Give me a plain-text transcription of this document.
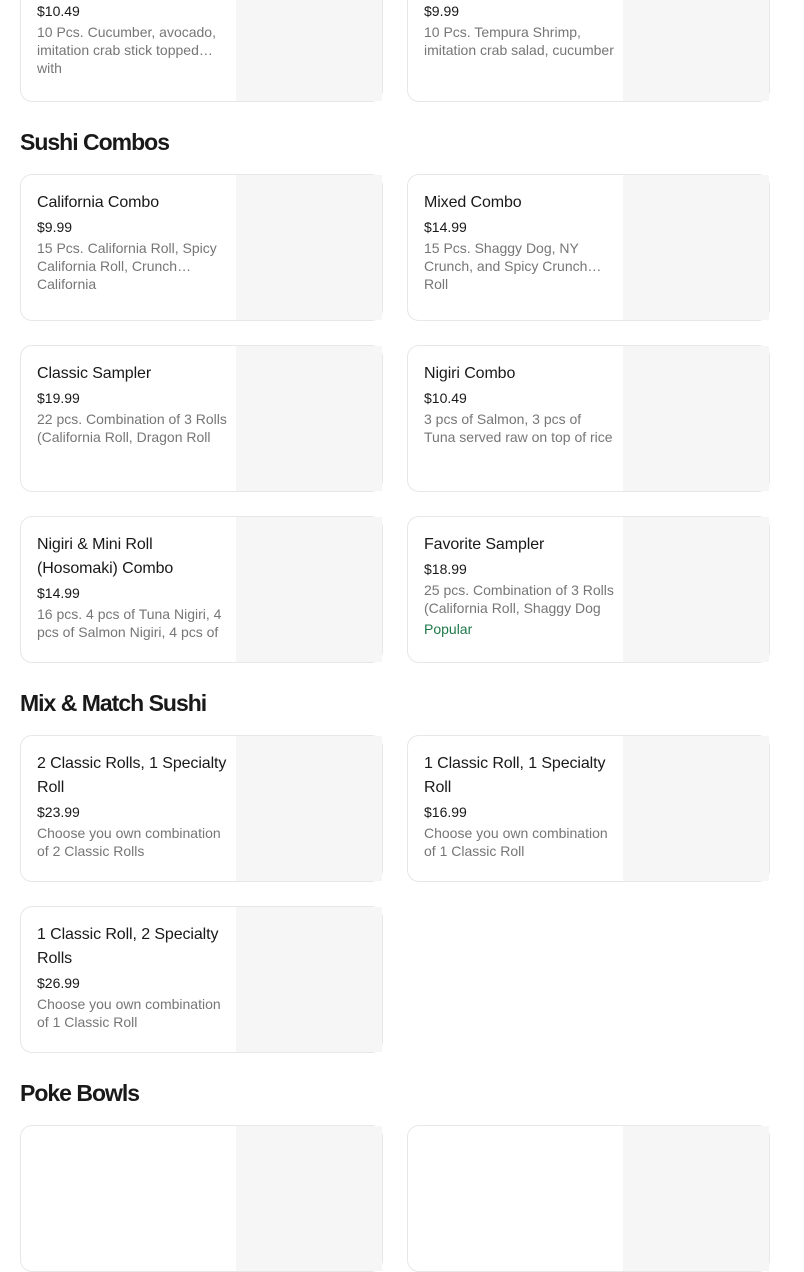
$10.49
10 Pcs. Cucumber, avocado, imitation crab stick topped with
$9.99
10 Pcs. Tempura Shrimp, imitation crab salad, cucumber
Sushi Combos
California Combo
$9.99
15 Pcs. California Roll, Spicy California Roll, Crunch California
Mixed Combo
$14.99
15 Pcs. Shaggy Dog, NY Crunch, and Spicy Crunch Roll
Classic Sampler
$19.99
22 pcs. Combination of 3 Rolls (California Roll, Dragon Roll
Nigiri Combo
$10.49
3 pcs of Salmon, 3 pcs of Tuna served raw on top of rice
Nigiri & Mini Roll (Hosomaki) Combo
$14.99
16 pcs. 4 pcs of Tuna Nigiri, 4 pcs of Salmon Nigiri, 4 pcs of
Favorite Sampler
$18.99
25 pcs. Combination of 3 Rolls (California Roll, Shaggy Dog
Popular
Mix & Match Sushi
2 Classic Rolls, 1 Specialty Roll
$23.99
Choose you own combination of 2 Classic Rolls
1 Classic Roll, 1 Specialty Roll
$16.99
Choose you own combination of 1 Classic Roll
1 Classic Roll, 2 Specialty Rolls
$26.99
Choose you own combination of 1 Classic Roll
Poke Bowls
